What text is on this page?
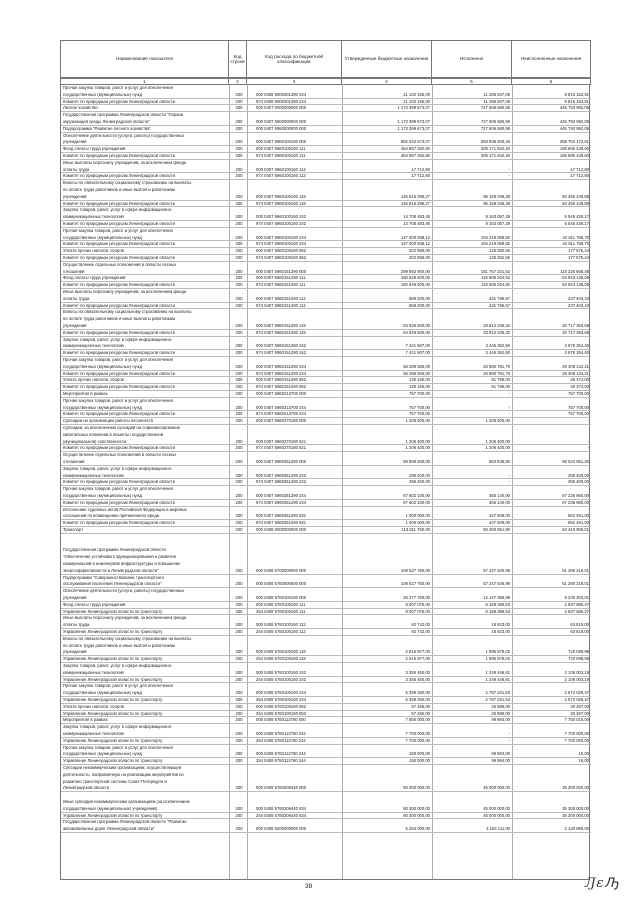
Наименование показателя	Код строки	Код расхода по бюджетной классификации	Утвержденные бюджетные назначения	Исполнено	Неисполненные назначения
1	2	3	4	5	6
Прочая закупка товаров, работ и услуг для обеспечения
государственных (муниципальных) нужд	200	000 0408 5900301390 244	21 102 156,00	11 286 847,09	9 816 152,91
Комитет по природным ресурсам Ленинградской области	200	974 0408 5900301390 244	21 102 156,00	11 286 847,09	9 816 152,91
Лесное хозяйство	200	000 0407 0000000000 000	1 173 399 673,07	727 606 680,98	445 793 992,09
Государственная программа Ленинградской области "Охрана
окружающей среды Ленинградской области"	200	000 0407 5900000000 000	1 173 399 673,07	727 606 680,98	445 793 992,09
Подпрограмма "Развитие лесного хозяйства"	200	000 0407 5960000000 000	1 173 399 673,07	727 606 680,98	445 793 992,09
Обеспечение деятельности (услуги, работы) государственных
учреждений	200	000 0407 5960100160 000	852 542 673,07	593 838 400,46	258 704 172,61
Фонд оплаты труда учреждений	200	000 0407 5960100160 111	464 867 282,60	305 171 842,40	159 695 439,60
Комитет по природным ресурсам Ленинградской области	200	974 0407 5960100160 111	464 867 282,60	305 171 842,40	159 695 439,60
Иные выплаты персоналу учреждений, за исключением фонда
оплаты труда	200	000 0407 5960100160 112	17 712,80	-	17 712,80
Комитет по природным ресурсам Ленинградской области	200	974 0407 5960100160 112	17 712,80	-	17 712,80
Взносы по обязательному социальному страхованию на выплаты
по оплате труда работников и иные выплаты работникам
учреждений	200	000 0407 5960100160 119	145 615 298,27	95 159 048,39	50 456 249,88
Комитет по природным ресурсам Ленинградской области	200	974 0407 5960100160 119	145 615 298,27	95 159 048,39	50 456 249,88
Закупка товаров, работ, услуг в сфере информационно-
коммуникационных технологий	200	000 0407 5960100160 242	14 708 483,46	9 163 057,29	5 545 426,17
Комитет по природным ресурсам Ленинградской области	200	974 0407 5960100160 242	14 708 483,46	9 163 057,29	5 545 426,17
Прочая закупка товаров, работ и услуг для обеспечения
государственных (муниципальных) нужд	200	000 0407 5960100160 244	147 000 938,12	104 219 069,82	42 811 768,70
Комитет по природным ресурсам Ленинградской области	200	974 0407 5960100160 244	147 000 938,12	104 219 069,82	42 811 768,70
Уплата прочих налогов, сборов	200	000 0407 5960100160 852	302 958,00	125 382,56	177 575,44
Комитет по природным ресурсам Ленинградской области	200	974 0407 5960100160 852	302 958,00	125 382,56	177 575,44
Осуществление отдельных полномочий в области лесных
отношений	200	000 0407 5960151290 000	299 983 900,00	181 757 231,52	118 226 668,48
Фонд оплаты труда учреждений	200	000 0407 5960151290 111	180 549 400,00	116 606 264,92	63 943 135,08
Комитет по природным ресурсам Ленинградской области	200	974 0407 5960151290 111	180 549 400,00	116 606 264,92	63 943 135,08
Иные выплаты персоналу учреждений, за исключением фонда
оплаты труда	200	000 0407 5960151290 112	669 200,00	431 796,57	237 403,43
Комитет по природным ресурсам Ленинградской области	200	974 0407 5960151290 112	669 200,00	431 796,57	237 403,43
Взносы по обязательному социальному страхованию на выплаты
по оплате труда работников и иные выплаты работникам
учреждений	200	000 0407 5960151290 119	54 529 600,00	33 812 236,32	20 717 363,68
Комитет по природным ресурсам Ленинградской области	200	974 0407 5960151290 119	54 529 600,00	33 812 236,32	20 717 363,68
Закупка товаров, работ, услуг в сфере информационно-
коммуникационных технологий	200	000 0407 5960151290 242	7 421 607,00	3 445 352,60	3 976 254,40
Комитет по природным ресурсам Ленинградской области	200	974 0407 5960151290 242	7 421 607,00	3 445 352,60	3 976 254,40
Прочая закупка товаров, работ и услуг для обеспечения
государственных (муниципальных) нужд	200	000 0407 5960151290 244	56 288 926,00	26 880 791,79	29 408 134,21
Комитет по природным ресурсам Ленинградской области	200	974 0407 5960151290 244	56 288 926,00	26 880 791,79	29 408 134,21
Уплата прочих налогов, сборов	200	000 0407 5960151290 852	130 160,00	81 786,00	48 374,00
Комитет по природным ресурсам Ленинградской области	200	974 0407 5960151290 852	130 160,00	81 786,00	48 374,00
Мероприятия в рамках	200	000 0407 5960213700 000	757 700,00	-	757 700,00
Прочая закупка товаров, работ и услуг для обеспечения
государственных (муниципальных) нужд	200	000 0407 5960213700 244	757 700,00	-	757 700,00
Комитет по природным ресурсам Ленинградской области	200	974 0407 5960213700 244	757 700,00	-	757 700,00
Субсидии на организацию работы лесничеств	200	000 0407 5960270180 000	1 206 400,00	1 206 400,00	-
Субсидии, за исключением субсидий на софинансирование
капитальных вложений в объекты государственной
(муниципальной) собственности	200	000 0407 5960270180 521	1 206 400,00	1 206 400,00	-
Комитет по природным ресурсам Ленинградской области	200	974 0407 5960270180 521	1 206 400,00	1 206 400,00	-
Осуществление отдельных полномочий в области лесных
отношений	200	000 0407 5960351290 000	68 898 500,00	863 648,80	68 034 851,20
Закупка товаров, работ, услуг в сфере информационно-
коммуникационных технологий	200	000 0407 5960351290 242	296 400,00	-	296 400,00
Комитет по природным ресурсам Ленинградской области	200	974 0407 5960351290 242	296 400,00	-	296 400,00
Прочая закупка товаров, работ и услуг для обеспечения
государственных (муниципальных) нужд	200	000 0407 5960351290 244	67 602 100,00	365 140,00	67 236 960,00
Комитет по природным ресурсам Ленинградской области	200	974 0407 5960351290 244	67 602 100,00	365 140,00	67 236 960,00
Исполнение судебных актов Российской Федерации и мировых
соглашений по возмещению причиненного вреда	200	000 0407 5960351290 831	1 000 000,00	437 509,00	562 491,00
Комитет по природным ресурсам Ленинградской области	200	974 0407 5960351290 831	1 000 000,00	437 509,00	562 491,00
Транспорт	200	000 0408 0000000000 000	113 811 760,00	60 400 651,90	53 410 908,01
Государственная программа Ленинградской области
"Обеспечение устойчивого функционирования и развития
коммунальной и инженерной инфраструктуры и повышение
энергоэффективности в Ленинградской области"	200	000 0408 5700000000 000	108 527 760,00	57 247 540,99	51 280 219,01
Подпрограмма "Совершенствование транспортного
обслуживания населения Ленинградской области"	200	000 0408 5760000000 000	108 527 760,00	57 247 540,99	51 280 219,01
Обеспечение деятельности (услуги, работы) государственных
учреждений	200	000 0408 5760100160 000	20 377 760,00	12 147 356,99	8 230 203,01
Фонд оплаты труда учреждений	200	000 0408 5760100160 111	9 007 076,00	6 169 389,53	2 837 686,47
Управление Ленинградской области по транспорту	200	254 0408 5760100160 111	9 007 076,00	6 169 389,53	2 837 686,47
Иные выплаты персоналу учреждений, за исключением фонда
оплаты труда	200	000 0408 5760100160 112	92 742,00	18 923,00	63 819,00
Управление Ленинградской области по транспорту	200	254 0408 5760100160 112	92 742,00	18 923,00	63 819,00
Взносы по обязательному социальному страхованию на выплаты
по оплате труда работников и иные выплаты работникам
учреждений	200	000 0408 5760100160 119	2 615 977,00	1 895 878,02	720 098,98
Управление Ленинградской области по транспорту	200	254 0408 5760100160 119	2 615 977,00	1 895 878,02	720 098,98
Закупка товаров, работ, услуг в сфере информационно-
коммуникационных технологий	200	000 0408 5760100160 242	3 355 450,00	1 249 446,81	2 106 003,19
Управление Ленинградской области по транспорту	200	254 0408 5760100160 242	3 355 450,00	1 249 446,81	2 106 003,19
Прочая закупка товаров, работ и услуг для обеспечения
государственных (муниципальных) нужд	200	000 0408 5760100160 244	5 359 260,00	2 787 231,53	2 572 028,47
Управление Ленинградской области по транспорту	200	254 0408 5760100160 244	5 359 260,00	2 787 231,53	2 572 028,47
Уплата прочих налогов, сборов	200	000 0408 5760100160 852	57 255,00	26 888,00	30 367,00
Управление Ленинградской области по транспорту	200	254 0408 5760100160 852	57 255,00	26 888,00	30 367,00
Мероприятия в рамках	200	000 0408 5760113760 000	7 850 000,00	99 984,00	7 750 016,00
Закупка товаров, работ, услуг в сфере информационно-
коммуникационных технологий	200	000 0408 5760113760 242	7 700 000,00	-	7 700 000,00
Управление Ленинградской области по транспорту	200	254 0408 5760113760 242	7 700 000,00	-	7 700 000,00
Прочая закупка товаров, работ и услуг для обеспечения
государственных (муниципальных) нужд	200	000 0408 5760113760 244	150 000,00	99 984,00	16,00
Управление Ленинградской области по транспорту	200	254 0408 5760113760 244	150 000,00	99 984,00	16,00
Субсидии некоммерческим организациям, осуществляющей
деятельность, направленную на реализацию мероприятий по
развитию транспортной системы Санкт-Петербурга и
Ленинградской области	200	000 0408 5760206440 000	80 300 000,00	45 000 000,00	35 300 000,00
Иные субсидии некоммерческим организациям (за исключением
государственных (муниципальных) учреждений)	200	000 0408 5760206440 634	80 300 000,00	45 000 000,00	35 300 000,00
Управление Ленинградской области по транспорту	200	254 0408 5760206440 634	80 300 000,00	45 000 000,00	35 300 000,00
Государственная программа Ленинградской области "Развитие
автомобильных дорог Ленинградской области"	200	000 0408 5200000000 000	5 284 000,00	3 153 111,00	2 130 889,00
38	ԒԑԠ
